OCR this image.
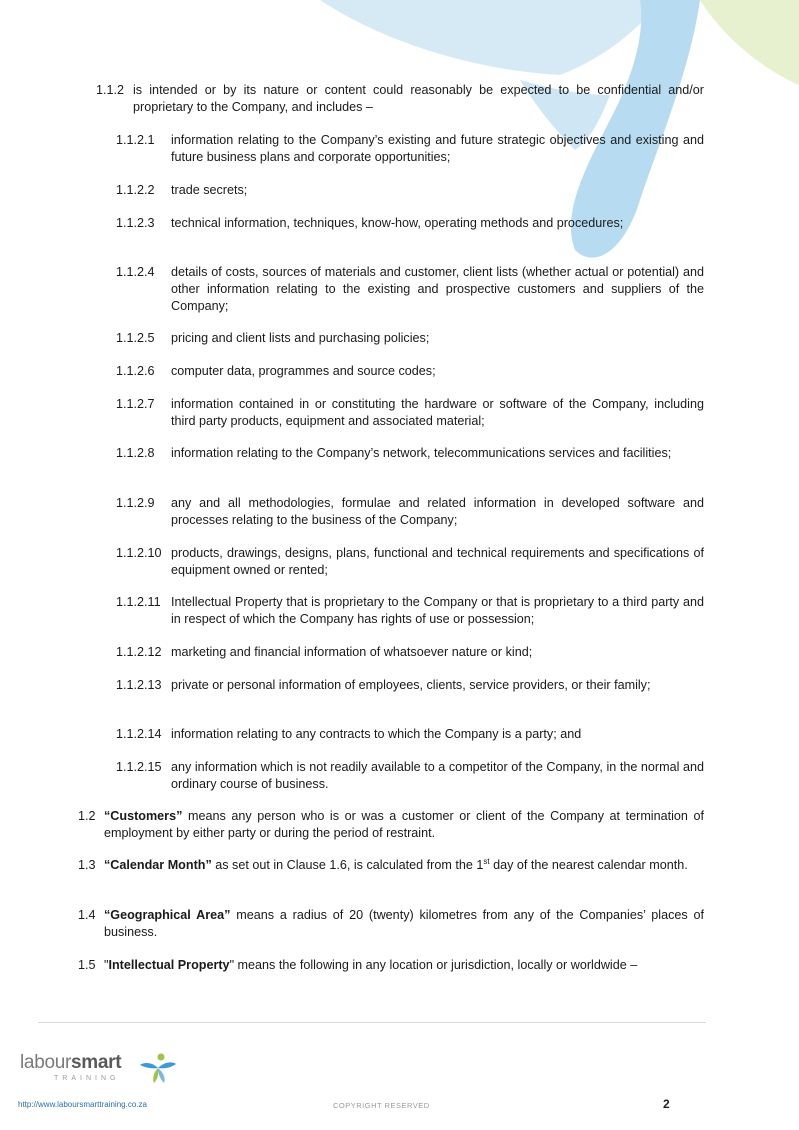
1.1.2 is intended or by its nature or content could reasonably be expected to be confidential and/or proprietary to the Company, and includes –
1.1.2.1 information relating to the Company’s existing and future strategic objectives and existing and future business plans and corporate opportunities;
1.1.2.2 trade secrets;
1.1.2.3 technical information, techniques, know-how, operating methods and procedures;
1.1.2.4 details of costs, sources of materials and customer, client lists (whether actual or potential) and other information relating to the existing and prospective customers and suppliers of the Company;
1.1.2.5 pricing and client lists and purchasing policies;
1.1.2.6 computer data, programmes and source codes;
1.1.2.7 information contained in or constituting the hardware or software of the Company, including third party products, equipment and associated material;
1.1.2.8 information relating to the Company’s network, telecommunications services and facilities;
1.1.2.9 any and all methodologies, formulae and related information in developed software and processes relating to the business of the Company;
1.1.2.10 products, drawings, designs, plans, functional and technical requirements and specifications of equipment owned or rented;
1.1.2.11 Intellectual Property that is proprietary to the Company or that is proprietary to a third party and in respect of which the Company has rights of use or possession;
1.1.2.12 marketing and financial information of whatsoever nature or kind;
1.1.2.13 private or personal information of employees, clients, service providers, or their family;
1.1.2.14 information relating to any contracts to which the Company is a party; and
1.1.2.15 any information which is not readily available to a competitor of the Company, in the normal and ordinary course of business.
1.2 “Customers” means any person who is or was a customer or client of the Company at termination of employment by either party or during the period of restraint.
1.3 “Calendar Month” as set out in Clause 1.6, is calculated from the 1st day of the nearest calendar month.
1.4 “Geographical Area” means a radius of 20 (twenty) kilometres from any of the Companies’ places of business.
1.5 "Intellectual Property" means the following in any location or jurisdiction, locally or worldwide –
laboursmart
TRAINING
http://www.laboursmarttraining.co.za	COPYRIGHT RESERVED	2
